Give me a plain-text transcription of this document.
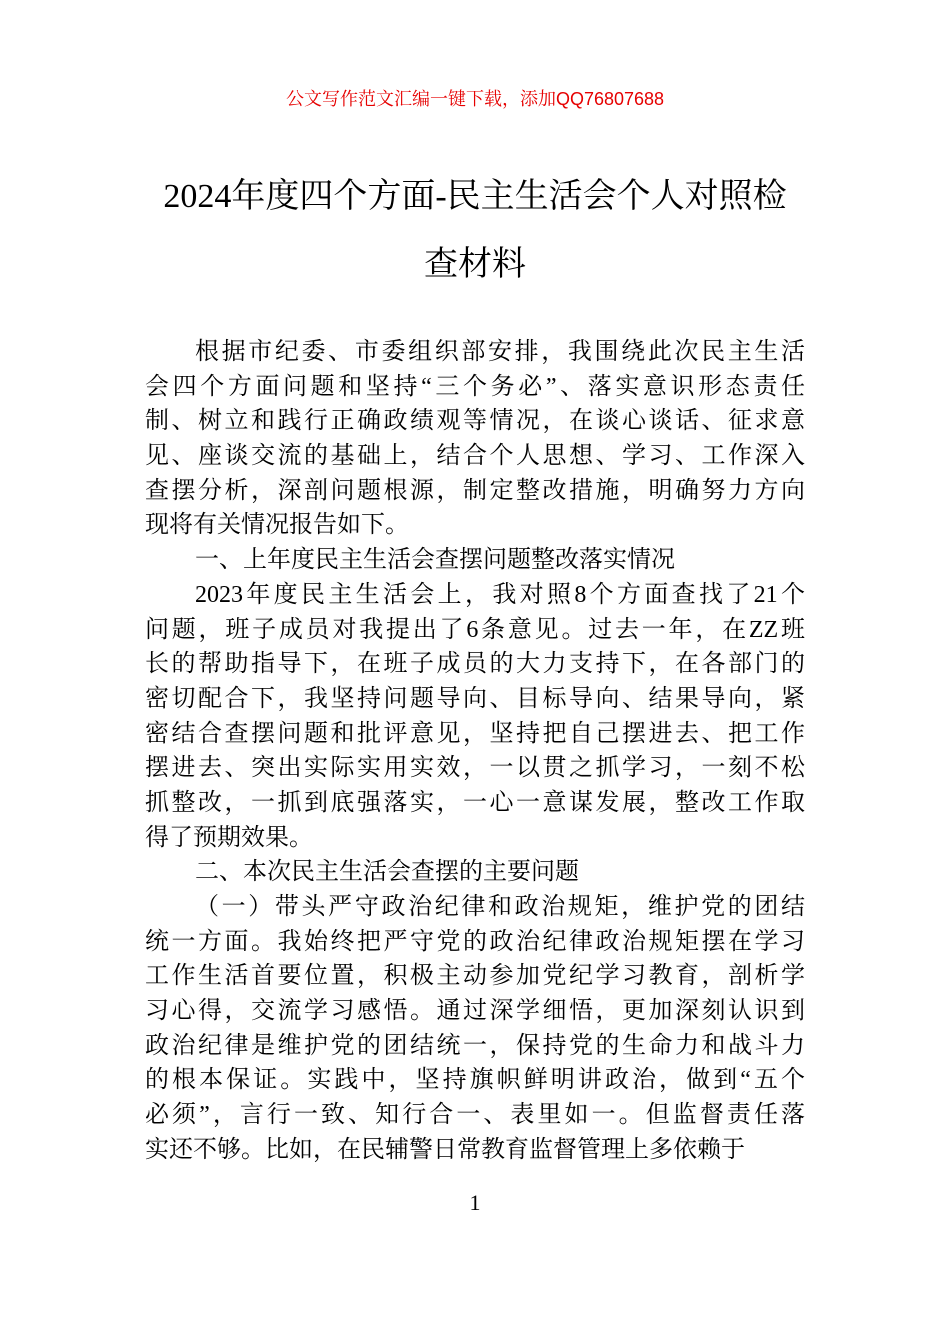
公文写作范文汇编一键下载，添加QQ76807688
2024年度四个方面-民主生活会个人对照检
查材料
根据市纪委、市委组织部安排，我围绕此次民主生活
会四个方面问题和坚持“三个务必”、落实意识形态责任
制、树立和践行正确政绩观等情况，在谈心谈话、征求意
见、座谈交流的基础上，结合个人思想、学习、工作深入
查摆分析，深剖问题根源，制定整改措施，明确努力方向
现将有关情况报告如下。
一、上年度民主生活会查摆问题整改落实情况
2023年度民主生活会上，我对照8个方面查找了21个
问题，班子成员对我提出了6条意见。过去一年，在ZZ班
长的帮助指导下，在班子成员的大力支持下，在各部门的
密切配合下，我坚持问题导向、目标导向、结果导向，紧
密结合查摆问题和批评意见，坚持把自己摆进去、把工作
摆进去、突出实际实用实效，一以贯之抓学习，一刻不松
抓整改，一抓到底强落实，一心一意谋发展，整改工作取
得了预期效果。
二、本次民主生活会查摆的主要问题
（一）带头严守政治纪律和政治规矩，维护党的团结
统一方面。我始终把严守党的政治纪律政治规矩摆在学习
工作生活首要位置，积极主动参加党纪学习教育，剖析学
习心得，交流学习感悟。通过深学细悟，更加深刻认识到
政治纪律是维护党的团结统一，保持党的生命力和战斗力
的根本保证。实践中，坚持旗帜鲜明讲政治，做到“五个
必须”，言行一致、知行合一、表里如一。但监督责任落
实还不够。比如，在民辅警日常教育监督管理上多依赖于
1
